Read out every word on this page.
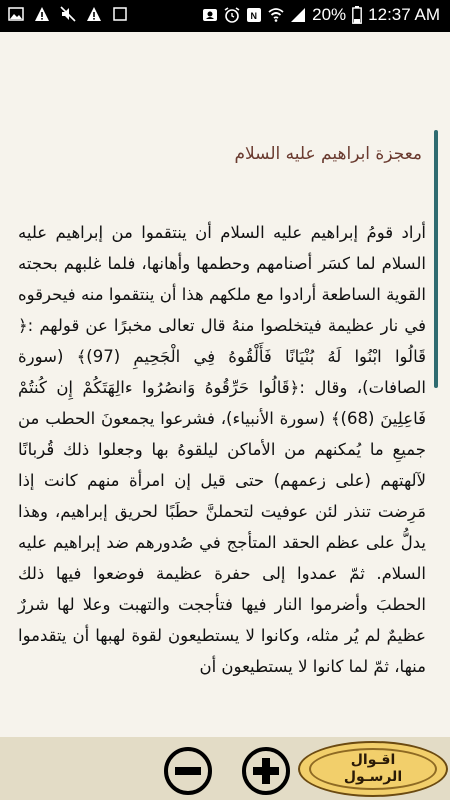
N	20% 12:37 AM
معجزة ابراهيم عليه السلام
أراد قومُ إبراهيم عليه السلام أن ينتقموا من إبراهيم عليه السلام لما كسَر أصنامهم وحطمها وأهانها، فلما غلبهم بحجته القوية الساطعة أرادوا مع ملكهم هذا أن ينتقموا منه فيحرقوه في نار عظيمة فيتخلصوا منهُ قال تعالى مخبرًا عن قولهم :﴿ قَالُوا ابْنُوا لَهُ بُنْيَانًا فَأَلْقُوهُ فِي الْجَحِيمِ (97)﴾ (سورة الصافات)، وقال :﴿قَالُوا حَرِّقُوهُ وَانصُرُوا ءالِهَتَكُمْ إِن كُنتُمْ فَاعِلِينَ (68)﴾ (سورة الأنبياء)، فشرعوا يجمعونَ الحطب من جميعِ ما يُمكنهم من الأماكن ليلقوهُ بها وجعلوا ذلك قُربانًا لآلهتهم (على زعمهم) حتى قيل إن امرأة منهم كانت إذا مَرِضت تنذر لئن عوفيت لتحملنَّ حطَبًا لحريق إبراهيم، وهذا يدلُّ على عظم الحقد المتأجج في صُدورهم ضد إبراهيم عليه السلام. ثمّ عمدوا إلى حفرة عظيمة فوضعوا فيها ذلك الحطبَ وأضرموا النار فيها فتأججت والتهبت وعلا لها شررٌ عظيمٌ لم يُر مثله، وكانوا لا يستطيعون لقوة لهبها أن يتقدموا منها، ثمّ لما كانوا لا يستطيعون أن
اقـوال
الرسـول
